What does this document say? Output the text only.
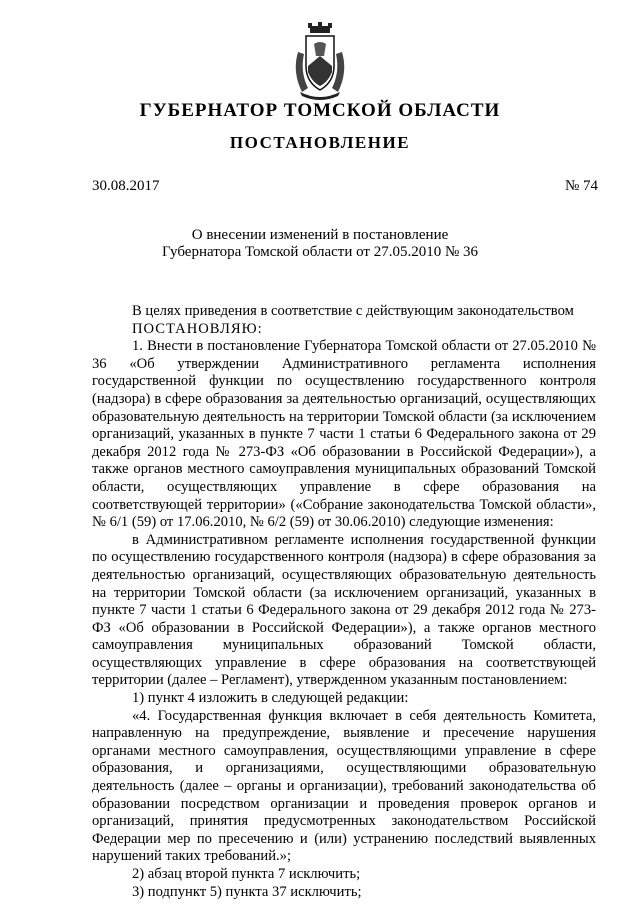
ГУБЕРНАТОР ТОМСКОЙ ОБЛАСТИ
ПОСТАНОВЛЕНИЕ
30.08.2017	№ 74
О внесении изменений в постановление
Губернатора Томской области от 27.05.2010 № 36

В целях приведения в соответствие с действующим законодательством

ПОСТАНОВЛЯЮ:

1. Внести в постановление Губернатора Томской области от 27.05.2010 № 36 «Об утверждении Административного регламента исполнения государственной функции по осуществлению государственного контроля (надзора) в сфере образования за деятельностью организаций, осуществляющих образовательную деятельность на территории Томской области (за исключением организаций, указанных в пункте 7 части 1 статьи 6 Федерального закона от 29 декабря 2012 года № 273-ФЗ «Об образовании в Российской Федерации»), а также органов местного самоуправления муниципальных образований Томской области, осуществляющих управление в сфере образования на соответствующей территории» («Собрание законодательства Томской области», № 6/1 (59) от 17.06.2010, № 6/2 (59) от 30.06.2010) следующие изменения:

в Административном регламенте исполнения государственной функции по осуществлению государственного контроля (надзора) в сфере образования за деятельностью организаций, осуществляющих образовательную деятельность на территории Томской области (за исключением организаций, указанных в пункте 7 части 1 статьи 6 Федерального закона от 29 декабря 2012 года № 273-ФЗ «Об образовании в Российской Федерации»), а также органов местного самоуправления муниципальных образований Томской области, осуществляющих управление в сфере образования на соответствующей территории (далее – Регламент), утвержденном указанным постановлением:

1) пункт 4 изложить в следующей редакции:

«4. Государственная функция включает в себя деятельность Комитета, направленную на предупреждение, выявление и пресечение нарушения органами местного самоуправления, осуществляющими управление в сфере образования, и организациями, осуществляющими образовательную деятельность (далее – органы и организации), требований законодательства об образовании посредством организации и проведения проверок органов и организаций, принятия предусмотренных законодательством Российской Федерации мер по пресечению и (или) устранению последствий выявленных нарушений таких требований.»;

2) абзац второй пункта 7 исключить;

3) подпункт 5) пункта 37 исключить;
